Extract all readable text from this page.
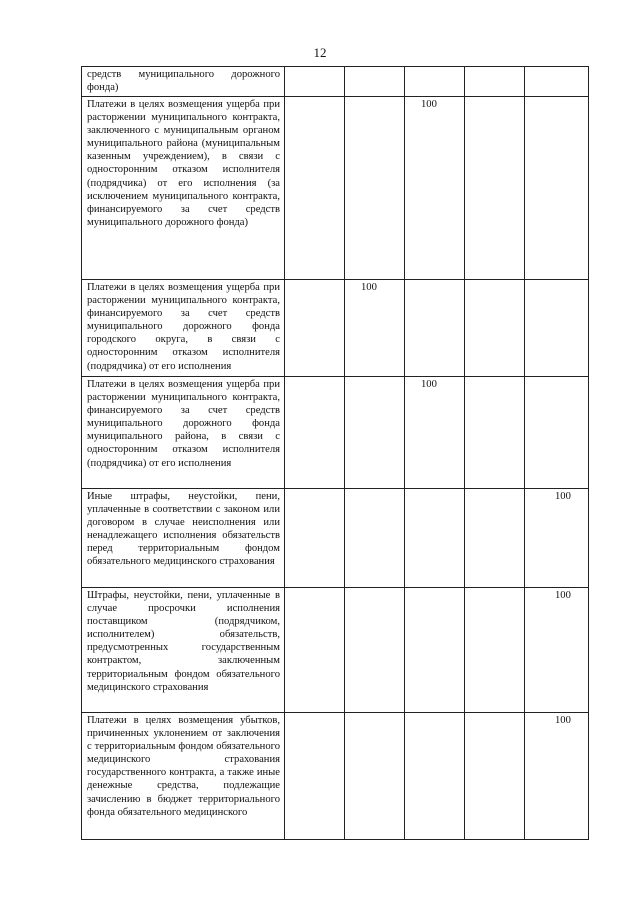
12
средств муниципального дорожного фонда)	

Платежи в целях возмещения ущерба при расторжении муниципального контракта, заключенного с муниципальным органом муниципального района (муниципальным казенным учреждением), в связи с односторонним отказом исполнителя (подрядчика) от его исполнения (за исключением муниципального контракта, финансируемого за счет средств муниципального дорожного фонда)			100		

Платежи в целях возмещения ущерба при расторжении муниципального контракта, финансируемого за счет средств муниципального дорожного фонда городского округа, в связи с односторонним отказом исполнителя (подрядчика) от его исполнения		100			

Платежи в целях возмещения ущерба при расторжении муниципального контракта, финансируемого за счет средств муниципального дорожного фонда муниципального района, в связи с односторонним отказом исполнителя (подрядчика) от его исполнения			100		

Иные штрафы, неустойки, пени, уплаченные в соответствии с законом или договором в случае неисполнения или ненадлежащего исполнения обязательств перед территориальным фондом обязательного медицинского страхования					100

Штрафы, неустойки, пени, уплаченные в случае просрочки исполнения поставщиком (подрядчиком, исполнителем) обязательств, предусмотренных государственным контрактом, заключенным территориальным фондом обязательного медицинского страхования					100

Платежи в целях возмещения убытков, причиненных уклонением от заключения с территориальным фондом обязательного медицинского страхования государственного контракта, а также иные денежные средства, подлежащие зачислению в бюджет территориального фонда обязательного медицинского					100
